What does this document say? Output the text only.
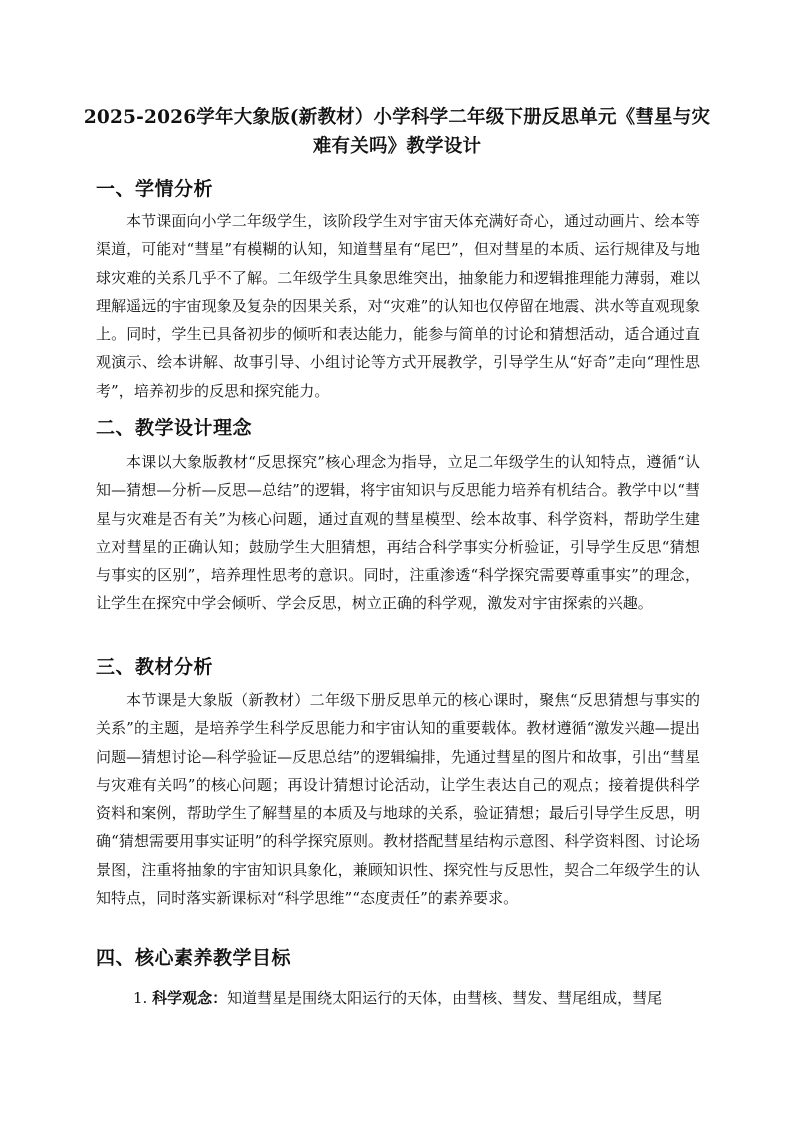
2025-2026学年大象版(新教材）小学科学二年级下册反思单元《彗星与灾难有关吗》教学设计
一、学情分析

本节课面向小学二年级学生，该阶段学生对宇宙天体充满好奇心，通过动画片、绘本等渠道，可能对“彗星”有模糊的认知，知道彗星有“尾巴”，但对彗星的本质、运行规律及与地球灾难的关系几乎不了解。二年级学生具象思维突出，抽象能力和逻辑推理能力薄弱，难以理解遥远的宇宙现象及复杂的因果关系，对“灾难”的认知也仅停留在地震、洪水等直观现象上。同时，学生已具备初步的倾听和表达能力，能参与简单的讨论和猜想活动，适合通过直观演示、绘本讲解、故事引导、小组讨论等方式开展教学，引导学生从“好奇”走向“理性思考”，培养初步的反思和探究能力。

二、教学设计理念

本课以大象版教材“反思探究”核心理念为指导，立足二年级学生的认知特点，遵循“认知—猜想—分析—反思—总结”的逻辑，将宇宙知识与反思能力培养有机结合。教学中以“彗星与灾难是否有关”为核心问题，通过直观的彗星模型、绘本故事、科学资料，帮助学生建立对彗星的正确认知；鼓励学生大胆猜想，再结合科学事实分析验证，引导学生反思“猜想与事实的区别”，培养理性思考的意识。同时，注重渗透“科学探究需要尊重事实”的理念，让学生在探究中学会倾听、学会反思，树立正确的科学观，激发对宇宙探索的兴趣。

三、教材分析

本节课是大象版（新教材）二年级下册反思单元的核心课时，聚焦“反思猜想与事实的关系”的主题，是培养学生科学反思能力和宇宙认知的重要载体。教材遵循“激发兴趣—提出问题—猜想讨论—科学验证—反思总结”的逻辑编排，先通过彗星的图片和故事，引出“彗星与灾难有关吗”的核心问题；再设计猜想讨论活动，让学生表达自己的观点；接着提供科学资料和案例，帮助学生了解彗星的本质及与地球的关系，验证猜想；最后引导学生反思，明确“猜想需要用事实证明”的科学探究原则。教材搭配彗星结构示意图、科学资料图、讨论场景图，注重将抽象的宇宙知识具象化，兼顾知识性、探究性与反思性，契合二年级学生的认知特点，同时落实新课标对“科学思维”“态度责任”的素养要求。

四、核心素养教学目标

1. 科学观念：知道彗星是围绕太阳运行的天体，由彗核、彗发、彗尾组成，彗尾
